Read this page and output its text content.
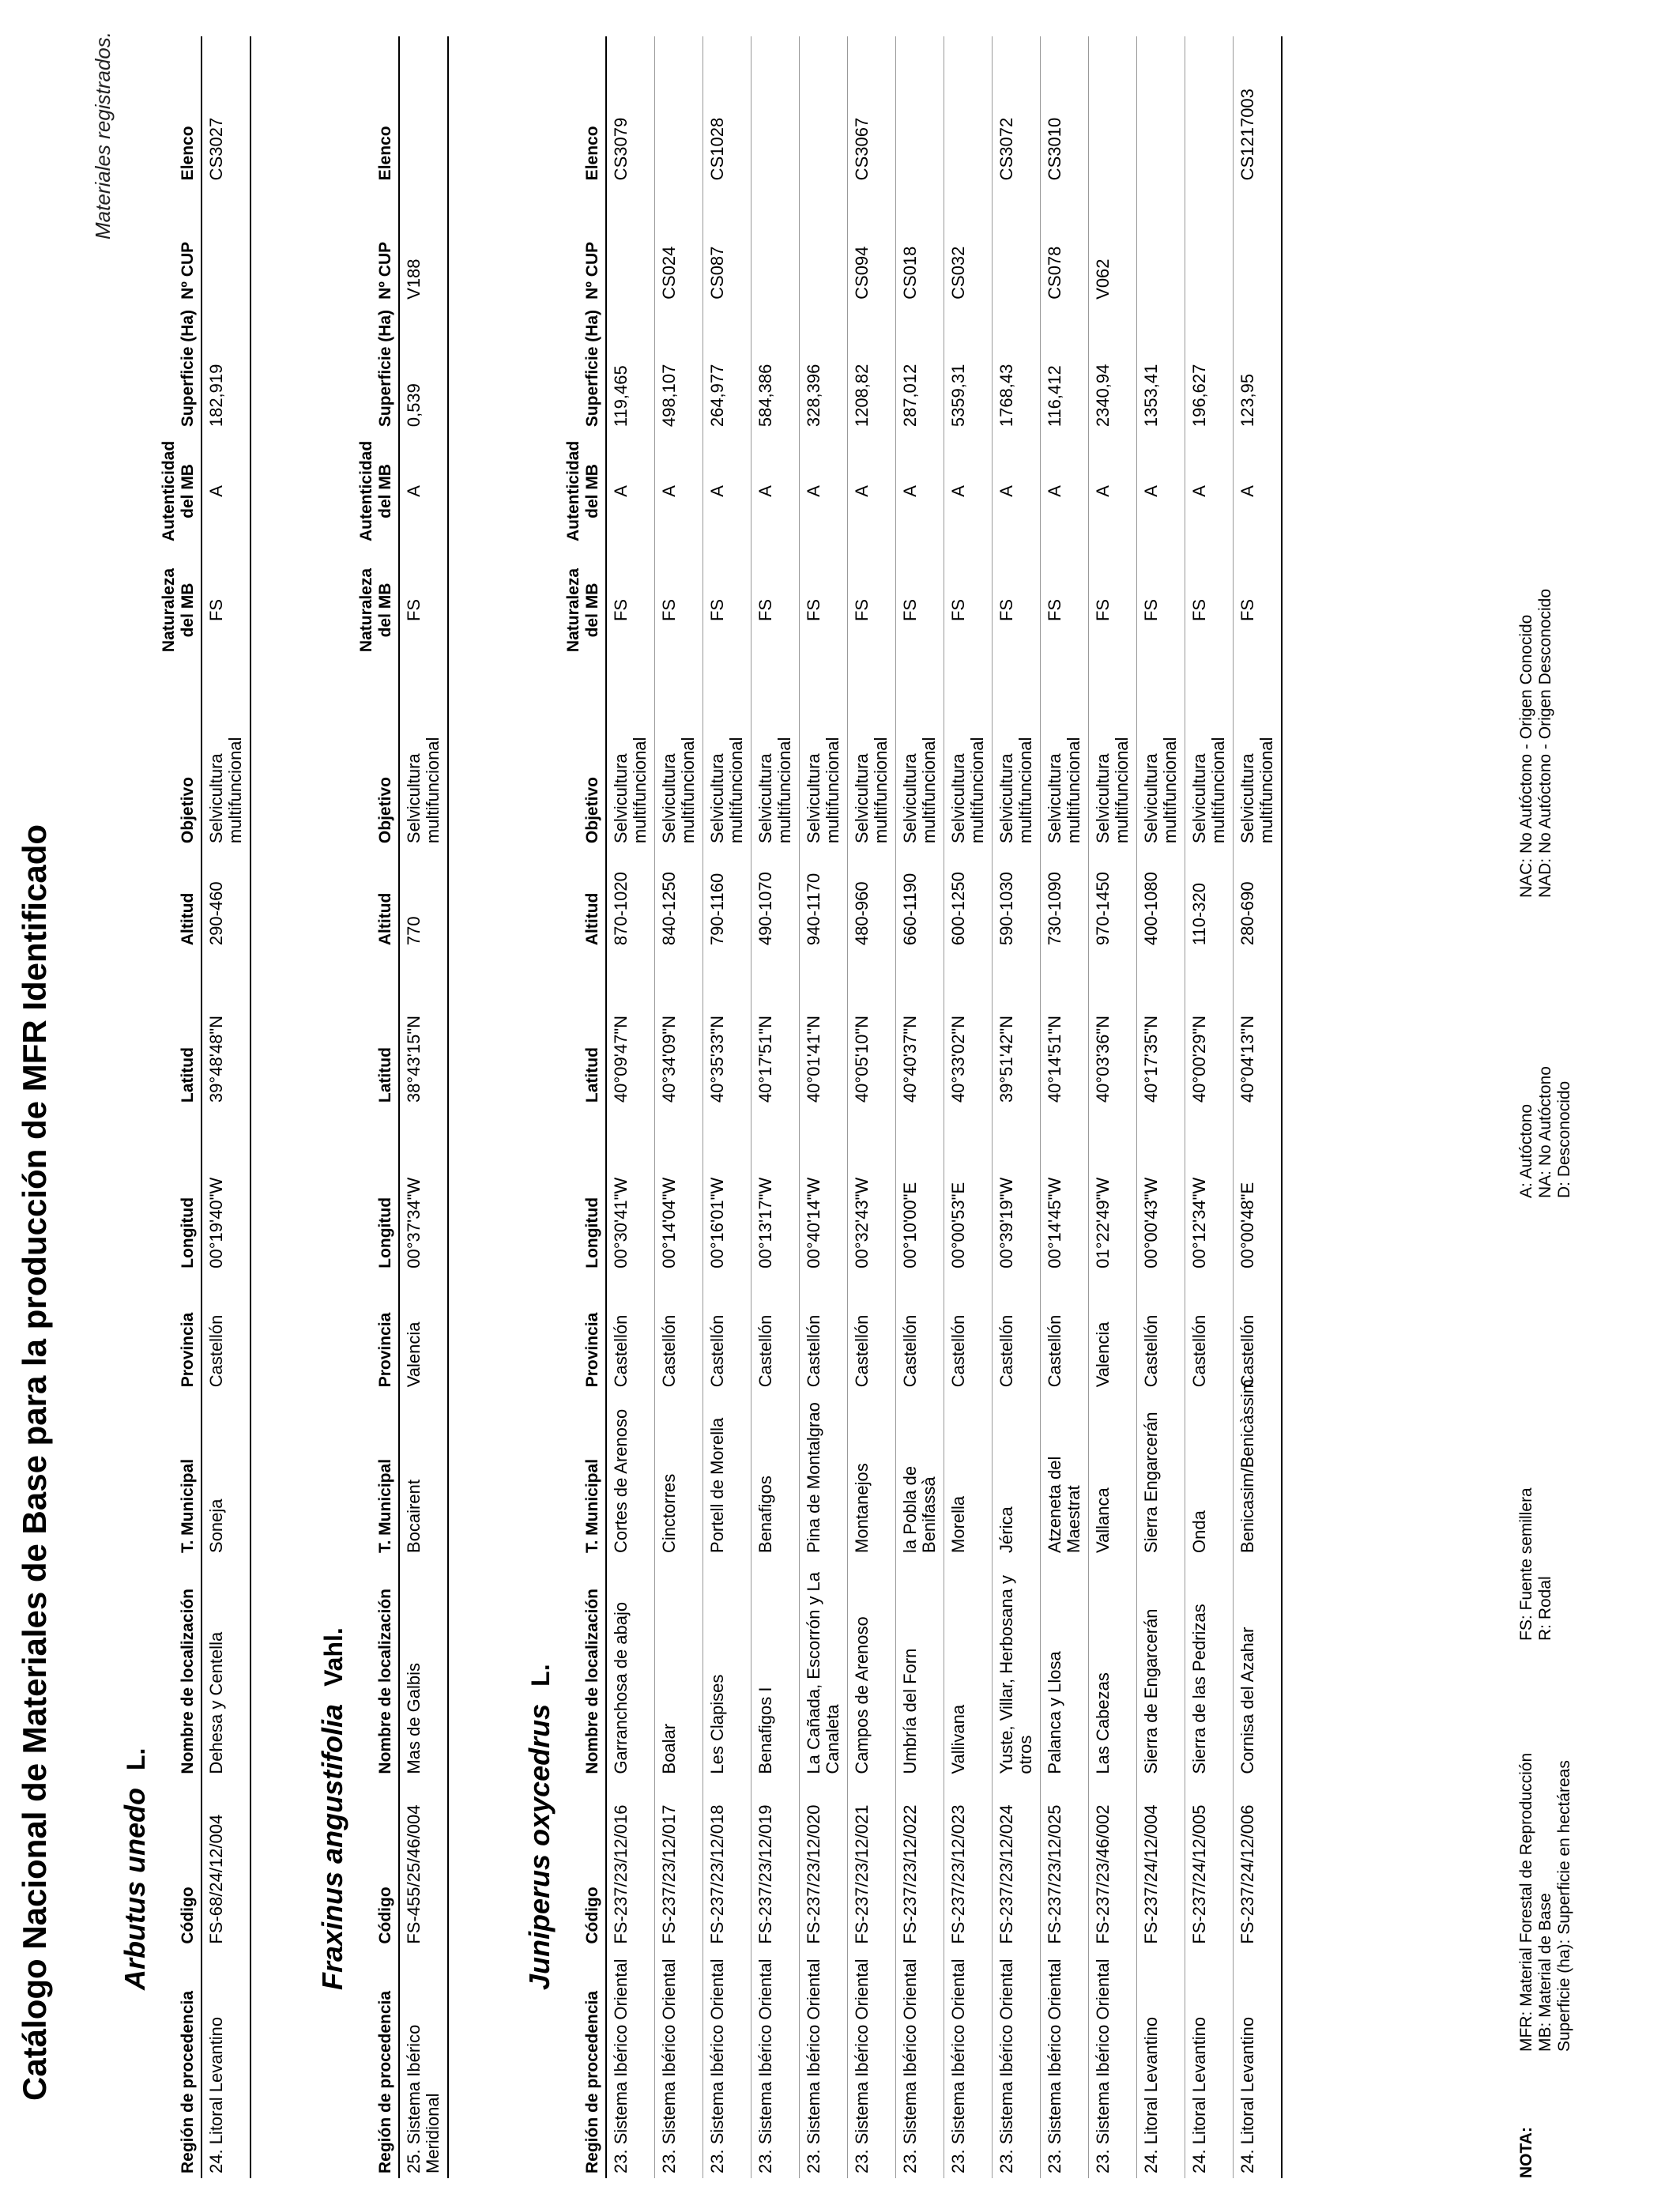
Catálogo Nacional de Materiales de Base para la producción de MFR Identificado
Materiales registrados.
Arbutus unedo L.
Región de procedencia	Código	Nombre de localización	T. Municipal	Provincia	Longitud	Latitud	Altitud	Objetivo	Naturaleza del MB	Autenticidad del MB	Superficie (Ha)	Nº CUP	Elenco
24. Litoral Levantino	FS-68/24/12/004	Dehesa y Centella	Soneja	Castellón	00°19'40"W	39°48'48"N	290-460	Selvicultura multifuncional	FS	A	182,919		CS3027
Fraxinus angustifolia Vahl.
Región de procedencia	Código	Nombre de localización	T. Municipal	Provincia	Longitud	Latitud	Altitud	Objetivo	Naturaleza del MB	Autenticidad del MB	Superficie (Ha)	Nº CUP	Elenco
25. Sistema Ibérico Meridional	FS-455/25/46/004	Mas de Galbis	Bocairent	Valencia	00°37'34"W	38°43'15"N	770	Selvicultura multifuncional	FS	A	0,539	V188	
Juniperus oxycedrus L.
Región de procedencia	Código	Nombre de localización	T. Municipal	Provincia	Longitud	Latitud	Altitud	Objetivo	Naturaleza del MB	Autenticidad del MB	Superficie (Ha)	Nº CUP	Elenco
23. Sistema Ibérico Oriental	FS-237/23/12/016	Garranchosa de abajo	Cortes de Arenoso	Castellón	00°30'41"W	40°09'47"N	870-1020	Selvicultura multifuncional	FS	A	119,465		CS3079
23. Sistema Ibérico Oriental	FS-237/23/12/017	Boalar	Cinctorres	Castellón	00°14'04"W	40°34'09"N	840-1250	Selvicultura multifuncional	FS	A	498,107	CS024	
23. Sistema Ibérico Oriental	FS-237/23/12/018	Les Clapises	Portell de Morella	Castellón	00°16'01"W	40°35'33"N	790-1160	Selvicultura multifuncional	FS	A	264,977	CS087	CS1028
23. Sistema Ibérico Oriental	FS-237/23/12/019	Benafigos I	Benafigos	Castellón	00°13'17"W	40°17'51"N	490-1070	Selvicultura multifuncional	FS	A	584,386		
23. Sistema Ibérico Oriental	FS-237/23/12/020	La Cañada, Escorrón y La Canaleta	Pina de Montalgrao	Castellón	00°40'14"W	40°01'41"N	940-1170	Selvicultura multifuncional	FS	A	328,396		
23. Sistema Ibérico Oriental	FS-237/23/12/021	Campos de Arenoso	Montanejos	Castellón	00°32'43"W	40°05'10"N	480-960	Selvicultura multifuncional	FS	A	1208,82	CS094	CS3067
23. Sistema Ibérico Oriental	FS-237/23/12/022	Umbría del Forn	la Pobla de Benifassà	Castellón	00°10'00"E	40°40'37"N	660-1190	Selvicultura multifuncional	FS	A	287,012	CS018	
23. Sistema Ibérico Oriental	FS-237/23/12/023	Vallivana	Morella	Castellón	00°00'53"E	40°33'02"N	600-1250	Selvicultura multifuncional	FS	A	5359,31	CS032	
23. Sistema Ibérico Oriental	FS-237/23/12/024	Yuste, Villar, Herbosana y otros	Jérica	Castellón	00°39'19"W	39°51'42"N	590-1030	Selvicultura multifuncional	FS	A	1768,43		CS3072
23. Sistema Ibérico Oriental	FS-237/23/12/025	Palanca y Llosa	Atzeneta del Maestrat	Castellón	00°14'45"W	40°14'51"N	730-1090	Selvicultura multifuncional	FS	A	116,412	CS078	CS3010
23. Sistema Ibérico Oriental	FS-237/23/46/002	Las Cabezas	Vallanca	Valencia	01°22'49"W	40°03'36"N	970-1450	Selvicultura multifuncional	FS	A	2340,94	V062	
24. Litoral Levantino	FS-237/24/12/004	Sierra de Engarcerán	Sierra Engarcerán	Castellón	00°00'43"W	40°17'35"N	400-1080	Selvicultura multifuncional	FS	A	1353,41		
24. Litoral Levantino	FS-237/24/12/005	Sierra de las Pedrizas	Onda	Castellón	00°12'34"W	40°00'29"N	110-320	Selvicultura multifuncional	FS	A	196,627		
24. Litoral Levantino	FS-237/24/12/006	Cornisa del Azahar	Benicasim/Benicàssim	Castellón	00°00'48"E	40°04'13"N	280-690	Selvicultura multifuncional	FS	A	123,95		CS1217003
NOTA:
MFR: Material Forestal de Reproducción MB: Material de Base Superficie (ha): Superficie en hectáreas
FS: Fuente semillera R: Rodal
A: Autóctono NA: No Autóctono D: Desconocido
NAC: No Autóctono - Origen Conocido NAD: No Autóctono - Origen Desconocido
